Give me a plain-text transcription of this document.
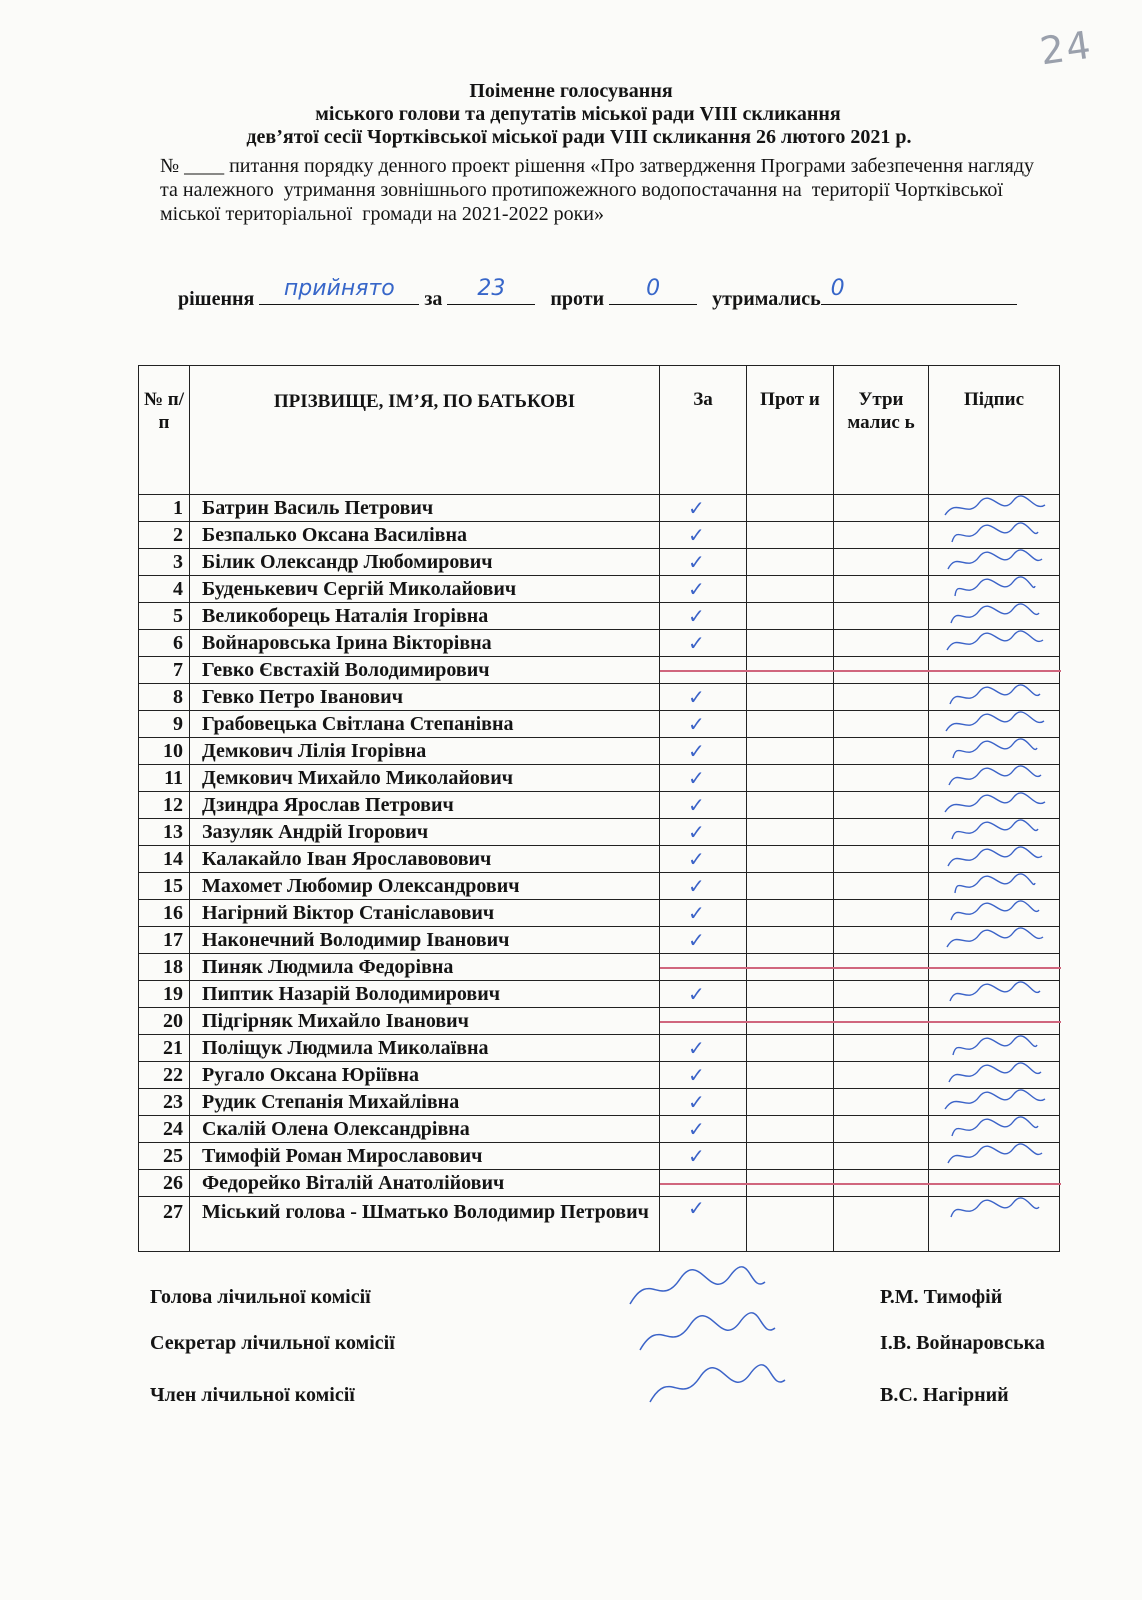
24
Поіменне голосування
міського голови та депутатів міської ради VIII скликання
дев’ятої сесії Чортківської міської ради VIII скликання 26 лютого 2021 р.
№ ____ питання порядку денного проект рішення «Про затвердження Програми забезпечення нагляду та належного  утримання зовнішнього протипожежного водопостачання на  території Чортківської міської територіальної  громади на 2021-2022 роки»
рішення	прийнято	за	23	проти	0	утримались 0
№ п/п	ПРІЗВИЩЕ, ІМ’Я, ПО БАТЬКОВІ	За	Прот и	Утри малис ь	Підпис
1	Батрин Василь Петрович	✓

2	Безпалько Оксана Василівна	✓

3	Білик Олександр Любомирович	✓

4	Буденькевич Сергій Миколайович	✓

5	Великоборець Наталія Ігорівна	✓

6	Войнаровська Ірина Вікторівна	✓

7	Гевко Євстахій Володимирович	

8	Гевко Петро Іванович	✓

9	Грабовецька Світлана Степанівна	✓

10	Демкович Лілія Ігорівна	✓

11	Демкович Михайло Миколайович	✓

12	Дзиндра Ярослав Петрович	✓

13	Зазуляк Андрій Ігорович	✓

14	Калакайло Іван Ярославовович	✓

15	Махомет Любомир Олександрович	✓

16	Нагірний Віктор Станіславович	✓

17	Наконечний Володимир Іванович	✓

18	Пиняк Людмила Федорівна	

19	Пиптик Назарій Володимирович	✓

20	Підгірняк Михайло Іванович	

21	Поліщук Людмила Миколаївна	✓

22	Ругало Оксана Юріївна	✓

23	Рудик Степанія Михайлівна	✓

24	Скалій Олена Олександрівна	✓

25	Тимофій Роман Мирославович	✓

26	Федорейко Віталій Анатолійович	

27	Міський голова - Шматько Володимир Петрович	✓

Голова лічильної комісії	Р.М. Тимофій
Секретар лічильної комісії	І.В. Войнаровська
Член лічильної комісії	В.С. Нагірний
